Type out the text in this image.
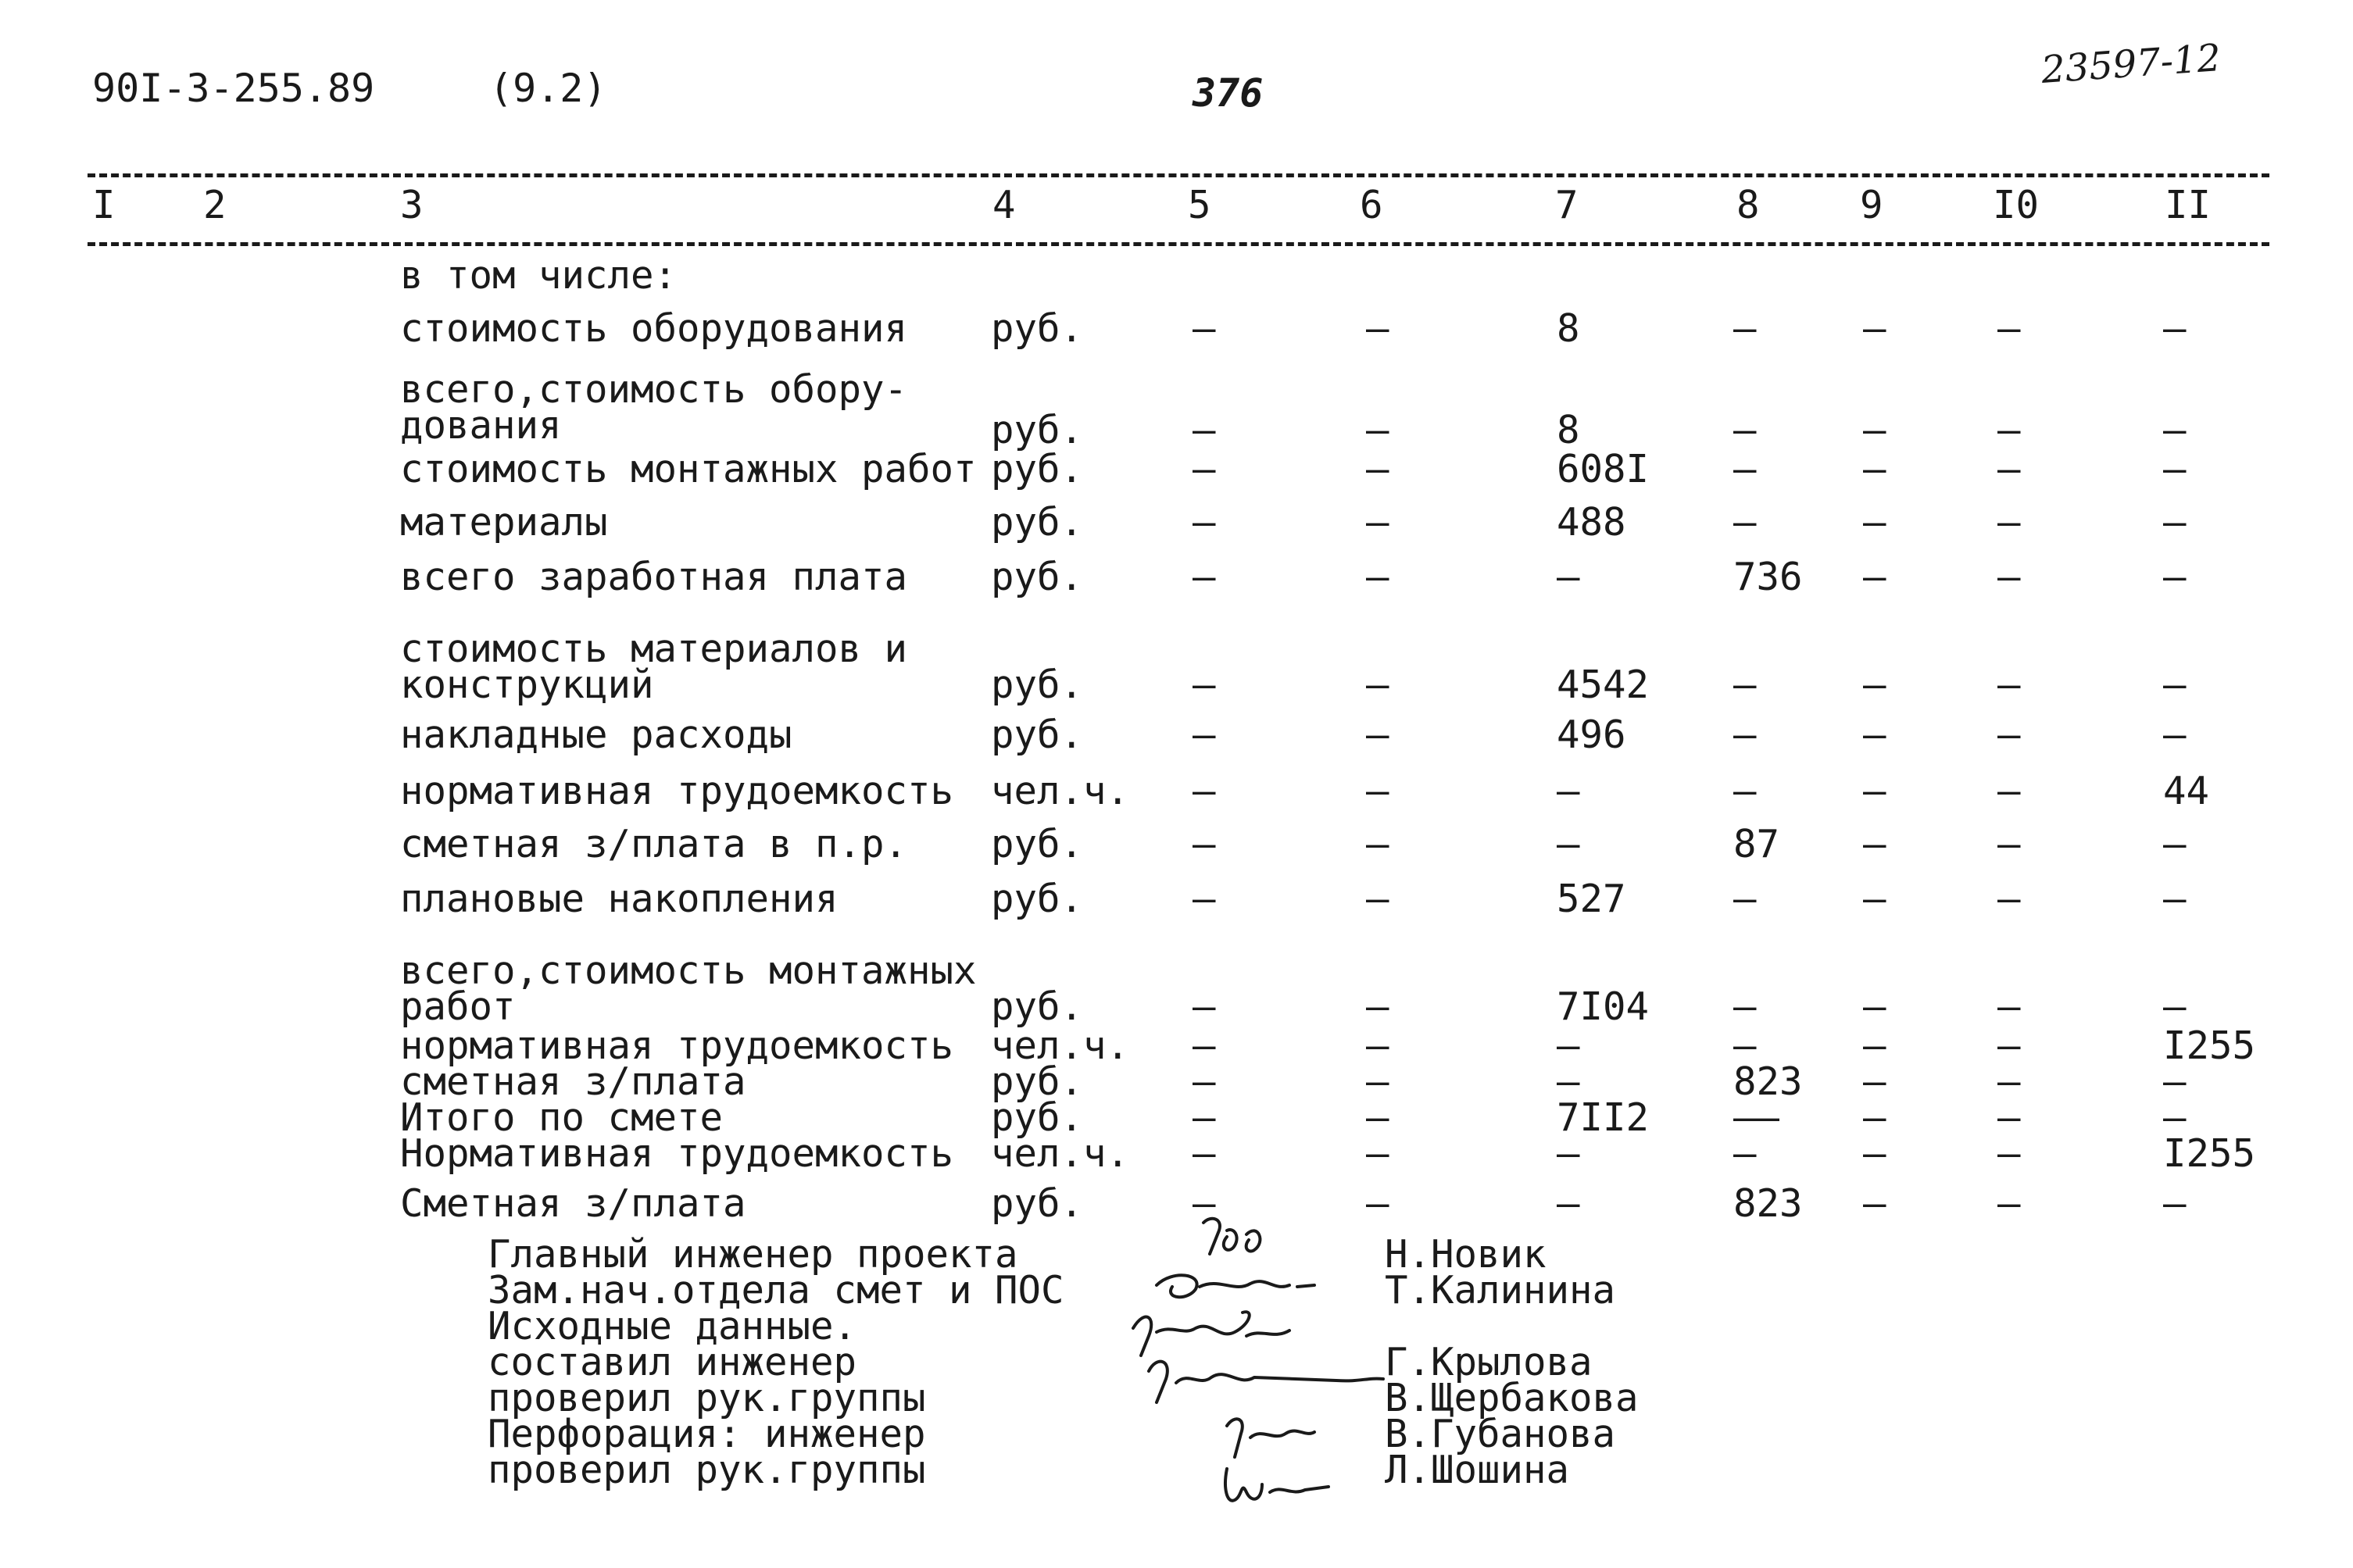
90I-3-255.89	(9.2)	376
23597-12
I 2	3	4	5	6	7	8	9	I0	II
в том числе:
стоимость оборудования руб.	–	–	8	–	–	–	–
всего,стоимость обору-
дования	руб.	–	–	8	–	–	–	–
стоимость монтажных работ руб.	–	–	608I –	–	–	–
материалы	руб.	–	–	488	–	–	–	–
всего заработная плата руб.	–	–	–	736 –	–	–
стоимость материалов и
конструкций	руб.	–	–	4542 –	–	–	–
накладные расходы	руб.	–	–	496	–	–	–	–
нормативная трудоемкость чел.ч. –	–	–	–	–	–	44
сметная з/плата в п.р. руб.	–	–	–	87 –	–	–
плановые накопления	руб.	–	–	527	–	–	–	–
всего,стоимость монтажных
работ	руб.	–	–	7I04 –	–	–	–
нормативная трудоемкость чел.ч. –	–	–	–	–	–	I255
сметная з/плата	руб.	–	–	–	823 –	–	–
Итого по смете	руб.	–	–	7II2 –– –	–	–
Нормативная трудоемкость чел.ч. –	–	–	–	–	–	I255
Сметная з/плата	руб.	–	–	–	823 –	–	–
Главный инженер проекта	Н.Новик
Зам.нач.отдела смет и ПОС	Т.Калинина
Исходные данные.
составил инженер	Г.Крылова
проверил рук.группы	В.Щербакова
Перфорация: инженер	В.Губанова
проверил рук.группы	Л.Шошина
